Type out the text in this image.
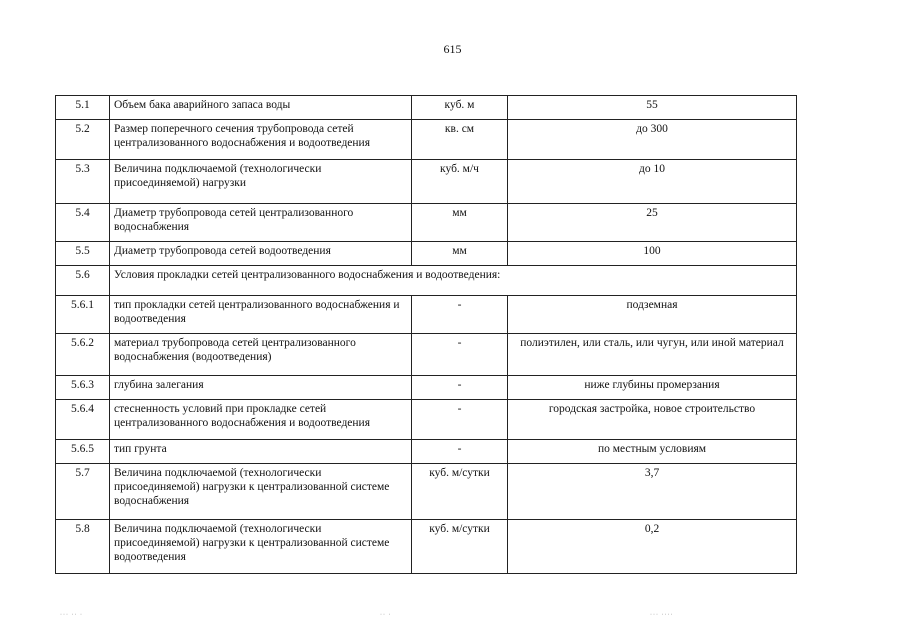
615
5.1	Объем бака аварийного запаса воды	куб. м	55
5.2	Размер поперечного сечения трубопровода сетей централизованного водоснабжения и водоотведения	кв. см	до 300
5.3	Величина подключаемой (технологически присоединяемой) нагрузки	куб. м/ч	до 10
5.4	Диаметр трубопровода сетей централизованного водоснабжения	мм	25
5.5	Диаметр трубопровода сетей водоотведения	мм	100
5.6	Условия прокладки сетей централизованного водоснабжения и водоотведения:		
5.6.1	тип прокладки сетей централизованного водоснабжения и водоотведения	-	подземная
5.6.2	материал трубопровода сетей централизованного водоснабжения (водоотведения)	-	полиэтилен, или сталь, или чугун, или иной материал
5.6.3	глубина залегания	-	ниже глубины промерзания
5.6.4	стесненность условий при прокладке сетей централизованного водоснабжения и водоотведения	-	городская застройка, новое строительство
5.6.5	тип грунта	-	по местным условиям
5.7	Величина подключаемой (технологически присоединяемой) нагрузки к централизованной системе водоснабжения	куб. м/сутки	3,7
5.8	Величина подключаемой (технологически присоединяемой) нагрузки к централизованной системе водоотведения	куб. м/сутки	0,2
··· ·· ·	·· ·	··· ····
